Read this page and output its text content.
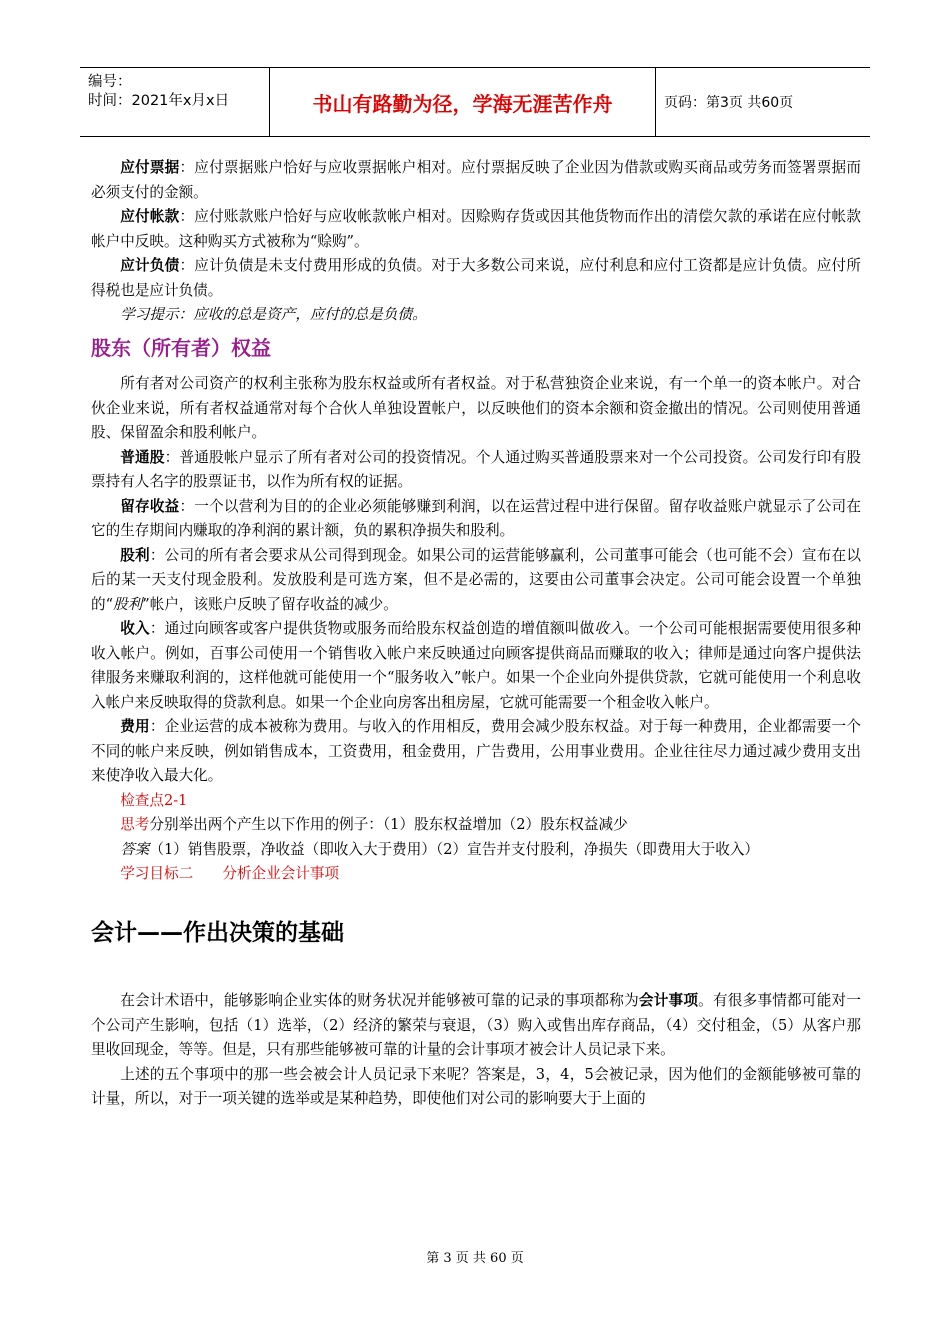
编号：
时间：2021年x月x日	书山有路勤为径，学海无涯苦作舟	页码：第3页 共60页

应付票据：应付票据账户恰好与应收票据帐户相对。应付票据反映了企业因为借款或购买商品或劳务而签署票据而必须支付的金额。

应付帐款：应付账款账户恰好与应收帐款帐户相对。因赊购存货或因其他货物而作出的清偿欠款的承诺在应付帐款帐户中反映。这种购买方式被称为“赊购”。

应计负债：应计负债是未支付费用形成的负债。对于大多数公司来说，应付利息和应付工资都是应计负债。应付所得税也是应计负债。

学习提示：应收的总是资产，应付的总是负债。

股东（所有者）权益

所有者对公司资产的权利主张称为股东权益或所有者权益。对于私营独资企业来说，有一个单一的资本帐户。对合伙企业来说，所有者权益通常对每个合伙人单独设置帐户，以反映他们的资本余额和资金撤出的情况。公司则使用普通股、保留盈余和股利帐户。

普通股：普通股帐户显示了所有者对公司的投资情况。个人通过购买普通股票来对一个公司投资。公司发行印有股票持有人名字的股票证书，以作为所有权的证据。

留存收益：一个以营利为目的的企业必须能够赚到利润，以在运营过程中进行保留。留存收益账户就显示了公司在它的生存期间内赚取的净利润的累计额，负的累积净损失和股利。

股利：公司的所有者会要求从公司得到现金。如果公司的运营能够赢利，公司董事可能会（也可能不会）宣布在以后的某一天支付现金股利。发放股利是可选方案，但不是必需的，这要由公司董事会决定。公司可能会设置一个单独的“股利”帐户，该账户反映了留存收益的减少。

收入：通过向顾客或客户提供货物或服务而给股东权益创造的增值额叫做收入。一个公司可能根据需要使用很多种收入帐户。例如，百事公司使用一个销售收入帐户来反映通过向顾客提供商品而赚取的收入；律师是通过向客户提供法律服务来赚取利润的，这样他就可能使用一个“服务收入”帐户。如果一个企业向外提供贷款，它就可能使用一个利息收入帐户来反映取得的贷款利息。如果一个企业向房客出租房屋，它就可能需要一个租金收入帐户。

费用：企业运营的成本被称为费用。与收入的作用相反，费用会减少股东权益。对于每一种费用，企业都需要一个不同的帐户来反映，例如销售成本，工资费用，租金费用，广告费用，公用事业费用。企业往往尽力通过减少费用支出来使净收入最大化。

检查点2-1

思考分别举出两个产生以下作用的例子：（1）股东权益增加（2）股东权益减少

答案（1）销售股票，净收益（即收入大于费用）（2）宣告并支付股利，净损失（即费用大于收入）

学习目标二 分析企业会计事项

会计——作出决策的基础

在会计术语中，能够影响企业实体的财务状况并能够被可靠的记录的事项都称为会计事项。有很多事情都可能对一个公司产生影响，包括（1）选举，（2）经济的繁荣与衰退，（3）购入或售出库存商品，（4）交付租金，（5）从客户那里收回现金，等等。但是，只有那些能够被可靠的计量的会计事项才被会计人员记录下来。

上述的五个事项中的那一些会被会计人员记录下来呢？答案是，3，4，5会被记录，因为他们的金额能够被可靠的计量，所以，对于一项关键的选举或是某种趋势，即使他们对公司的影响要大于上面的

第 3 页 共 60 页
